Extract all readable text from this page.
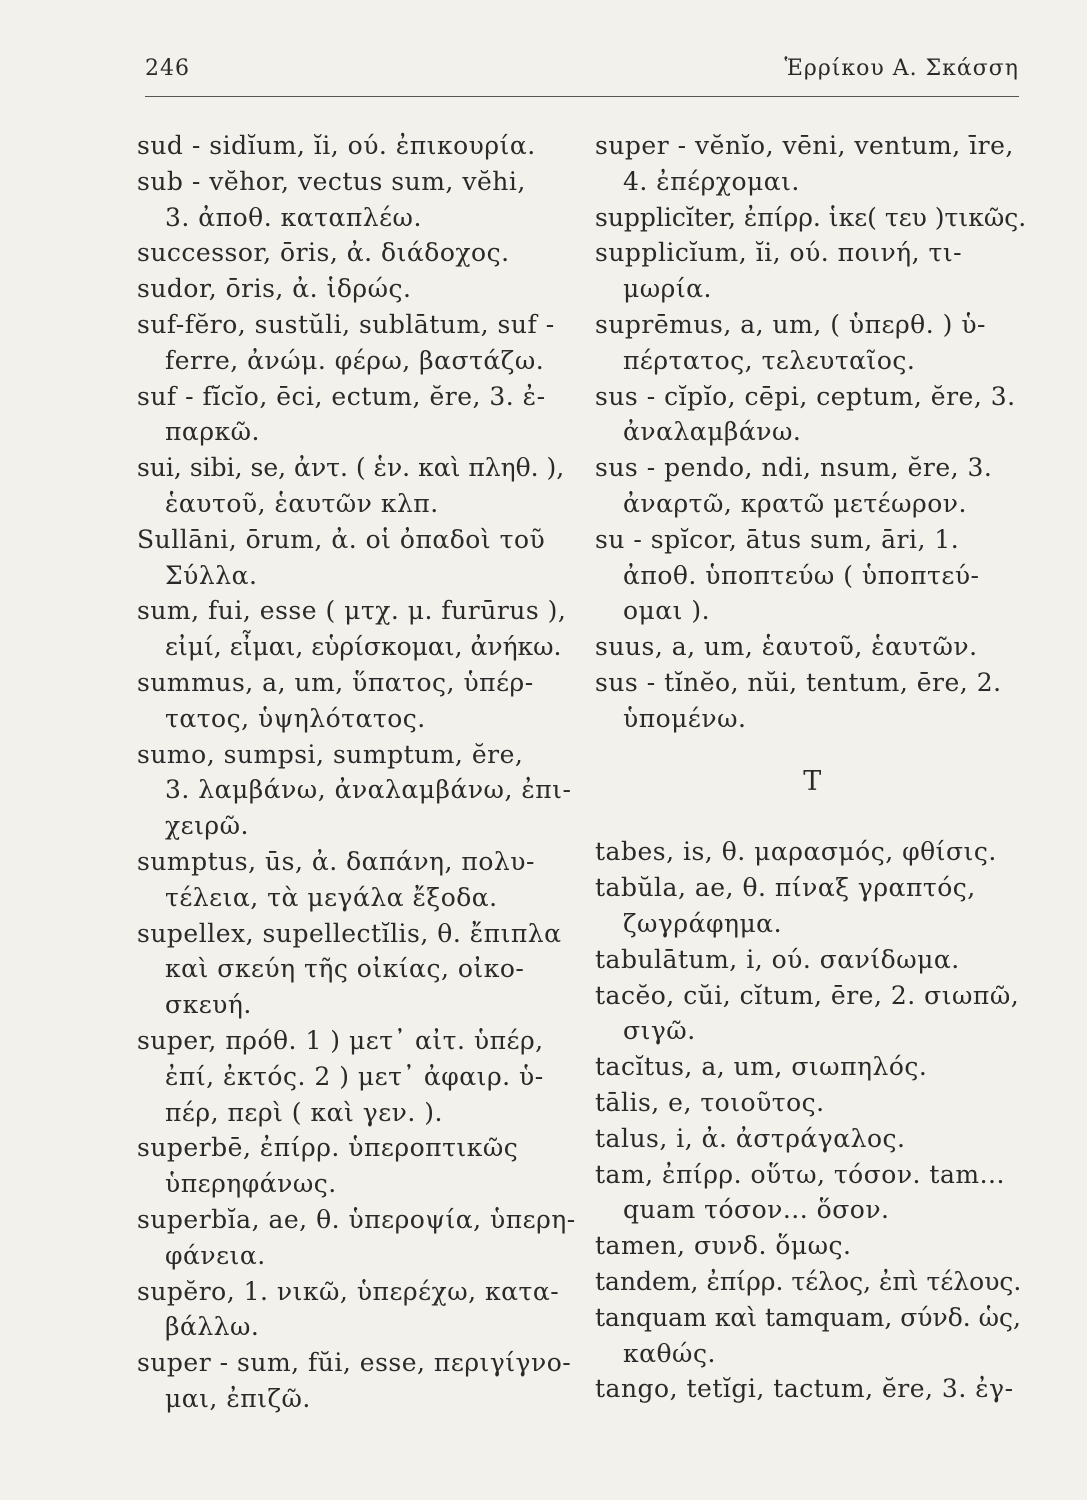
246	Ἑρρίκου Α. Σκάσση
sud - sidĭum, ĭi, ού. ἐπικουρία.
sub - vĕhor, vectus sum, vĕhi,
3. ἀποθ. καταπλέω.
successor, ōris, ἀ. διάδοχος.
sudor, ōris, ἀ. ἱδρώς.
suf-fĕro, sustŭli, sublātum, suf -
ferre, ἀνώμ. φέρω, βαστάζω.
suf - fĭcĭo, ēci, ectum, ĕre, 3. ἐ-
παρκῶ.
sui, sibi, se, ἀντ. ( ἑν. καὶ πληθ. ),
ἑαυτοῦ, ἑαυτῶν κλπ.
Sullāni, ōrum, ἀ. οἱ ὀπαδοὶ τοῦ
Σύλλα.
sum, fui, esse ( μτχ. μ. furūrus ),
εἰμί, εἶμαι, εὑρίσκομαι, ἀνήκω.
summus, a, um, ὕπατος, ὑπέρ-
τατος, ὑψηλότατος.
sumo, sumpsi, sumptum, ĕre,
3. λαμβάνω, ἀναλαμβάνω, ἐπι-
χειρῶ.
sumptus, ūs, ἀ. δαπάνη, πολυ-
τέλεια, τὰ μεγάλα ἔξοδα.
supellex, supellectĭlis, θ. ἔπιπλα
καὶ σκεύη τῆς οἰκίας, οἰκο-
σκευή.
super, πρόθ. 1 ) μετ᾽ αἰτ. ὑπέρ,
ἐπί, ἐκτός. 2 ) μετ᾽ ἀφαιρ. ὑ-
πέρ, περὶ ( καὶ γεν. ).
superbē, ἐπίρρ. ὑπεροπτικῶς
ὑπερηφάνως.
superbĭa, ae, θ. ὑπεροψία, ὑπερη-
φάνεια.
supĕro, 1. νικῶ, ὑπερέχω, κατα-
βάλλω.
super - sum, fŭi, esse, περιγίγνο-
μαι, ἐπιζῶ.
super - vĕnĭo, vēni, ventum, īre,
4. ἐπέρχομαι.
supplicĭter, ἐπίρρ. ἱκε( τευ )τικῶς.
supplicĭum, ĭi, ού. ποινή, τι-
μωρία.
suprēmus, a, um, ( ὑπερθ. ) ὑ-
πέρτατος, τελευταῖος.
sus - cĭpĭo, cēpi, ceptum, ĕre, 3.
ἀναλαμβάνω.
sus - pendo, ndi, nsum, ĕre, 3.
ἀναρτῶ, κρατῶ μετέωρον.
su - spĭcor, ātus sum, āri, 1.
ἀποθ. ὑποπτεύω ( ὑποπτεύ-
ομαι ).
suus, a, um, ἑαυτοῦ, ἑαυτῶν.
sus - tĭnĕo, nŭi, tentum, ēre, 2.
ὑπομένω.
T
tabes, is, θ. μαρασμός, φθίσις.
tabŭla, ae, θ. πίναξ γραπτός,
ζωγράφημα.
tabulātum, i, ού. σανίδωμα.
tacĕo, cŭi, cĭtum, ēre, 2. σιωπῶ,
σιγῶ.
tacĭtus, a, um, σιωπηλός.
tālis, e, τοιοῦτος.
talus, i, ἀ. ἀστράγαλος.
tam, ἐπίρρ. οὕτω, τόσον. tam...
quam τόσον... ὅσον.
tamen, συνδ. ὅμως.
tandem, ἐπίρρ. τέλος, ἐπὶ τέλους.
tanquam καὶ tamquam, σύνδ. ὡς,
καθώς.
tango, tetĭgi, tactum, ĕre, 3. ἐγ-
